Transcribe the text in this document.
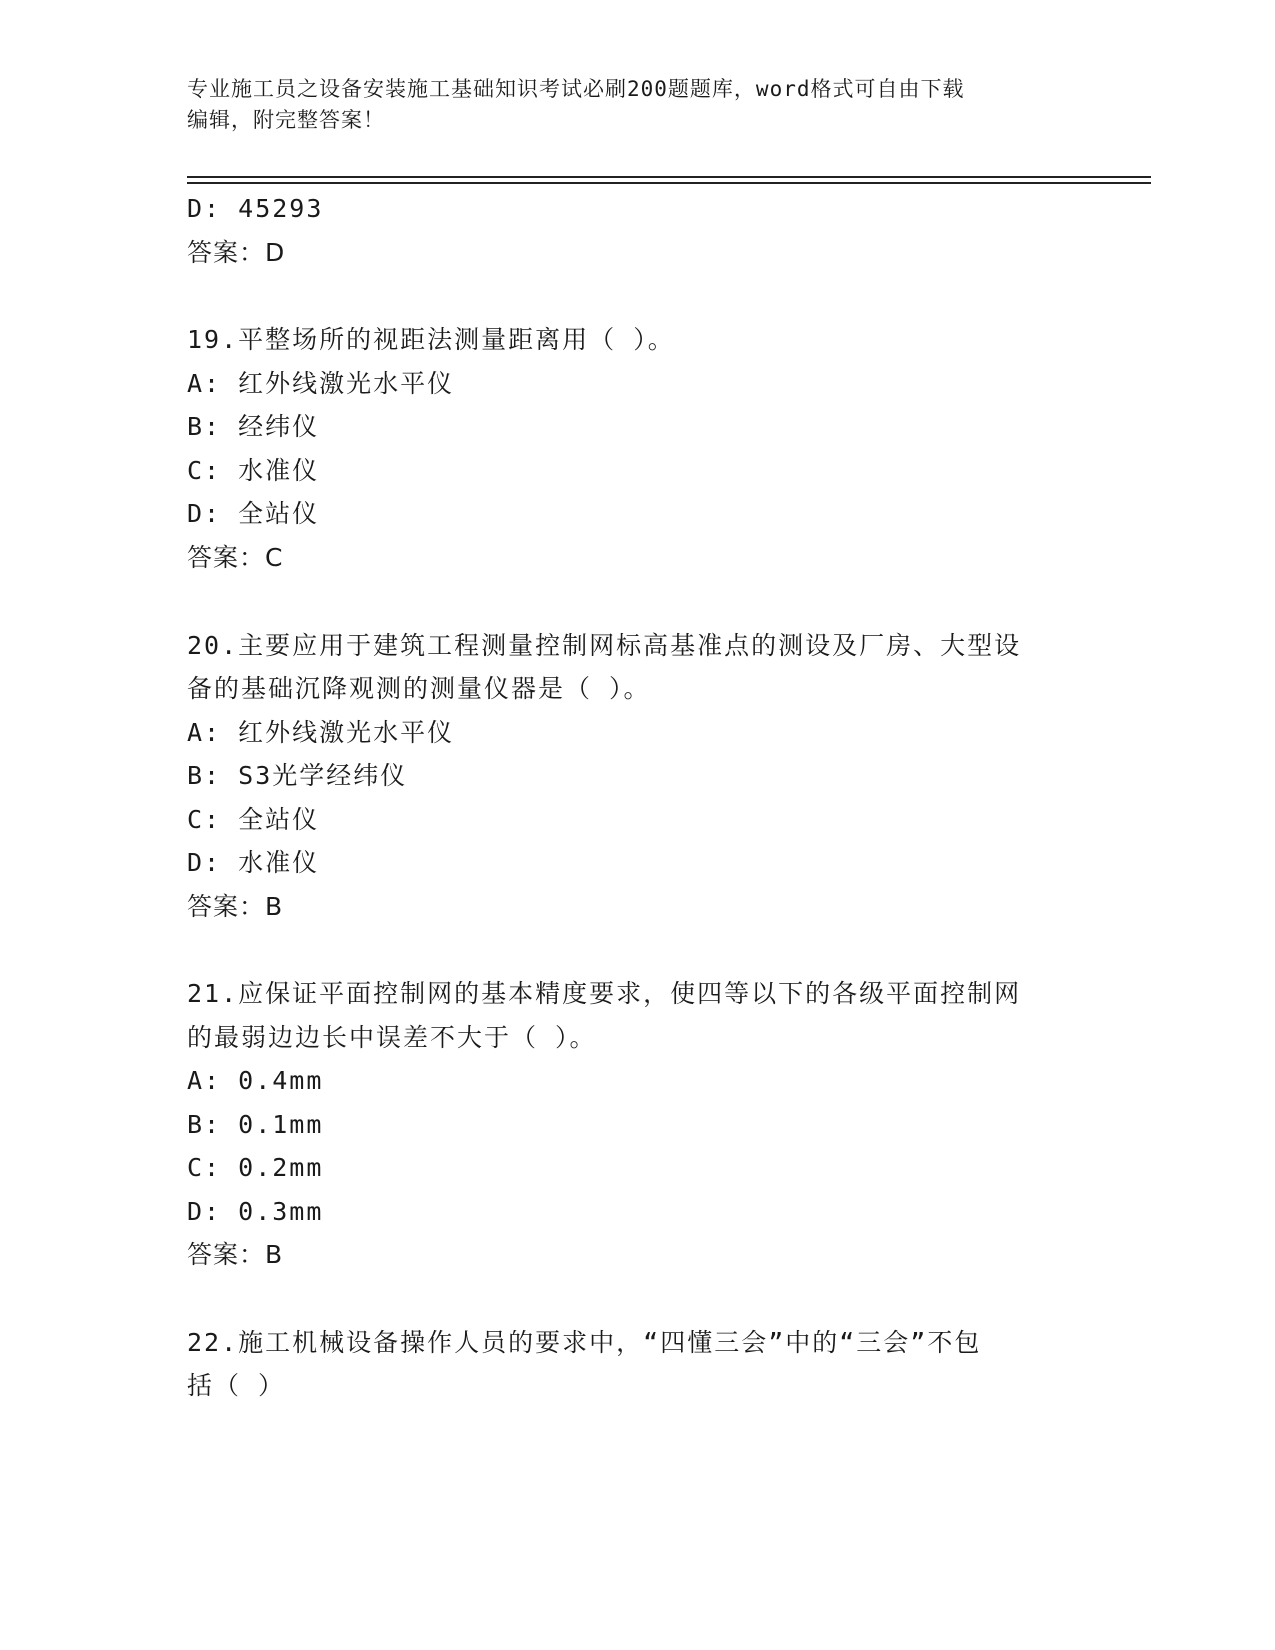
专业施工员之设备安装施工基础知识考试必刷200题题库，word格式可自由下载
编辑，附完整答案！
D: 45293
答案：D
19.平整场所的视距法测量距离用（ ）。
A: 红外线激光水平仪
B: 经纬仪
C: 水准仪
D: 全站仪
答案：C
20.主要应用于建筑工程测量控制网标高基准点的测设及厂房、大型设
备的基础沉降观测的测量仪器是（ ）。
A: 红外线激光水平仪
B: S3光学经纬仪
C: 全站仪
D: 水准仪
答案：B
21.应保证平面控制网的基本精度要求，使四等以下的各级平面控制网
的最弱边边长中误差不大于（ ）。
A: 0.4mm
B: 0.1mm
C: 0.2mm
D: 0.3mm
答案：B
22.施工机械设备操作人员的要求中，“四懂三会”中的“三会”不包
括（ ）
